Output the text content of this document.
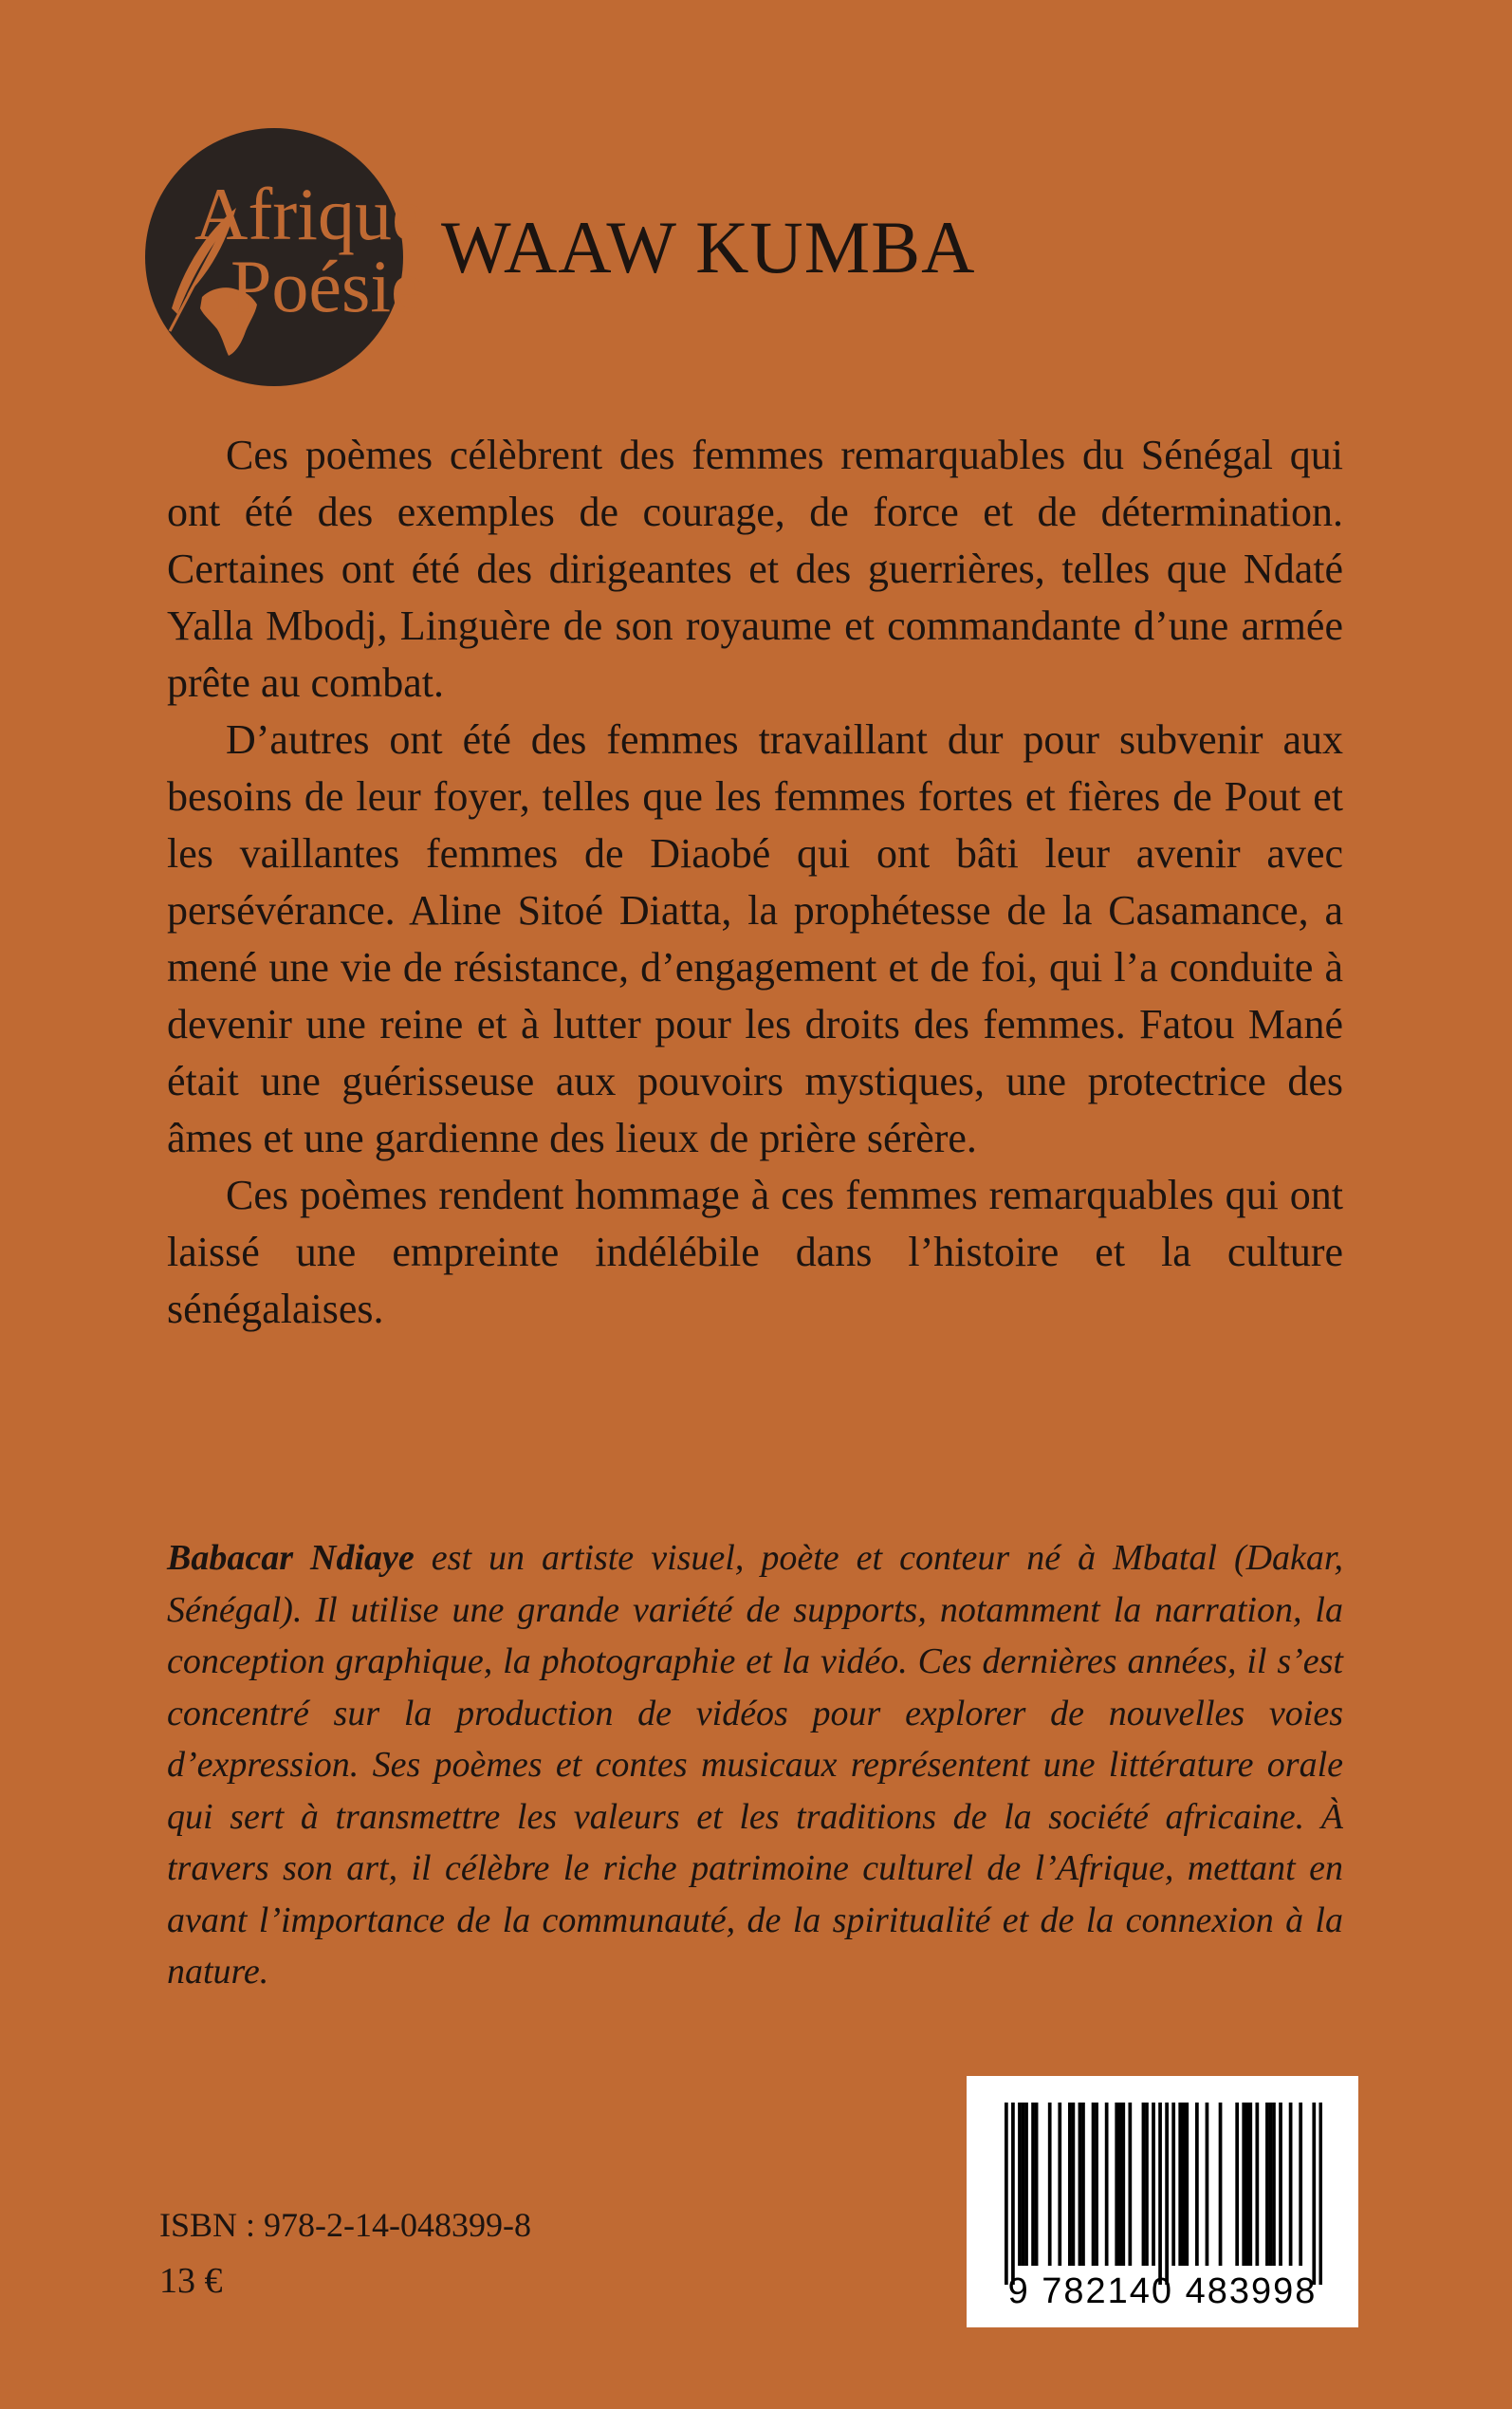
Afrique
Poésie WAAW KUMBA

Ces poèmes célèbrent des femmes remarquables du Sénégal qui ont été des exemples de courage, de force et de détermination. Certaines ont été des dirigeantes et des guerrières, telles que Ndaté Yalla Mbodj, Linguère de son royaume et commandante d’une armée prête au combat.

D’autres ont été des femmes travaillant dur pour subvenir aux besoins de leur foyer, telles que les femmes fortes et fières de Pout et les vaillantes femmes de Diaobé qui ont bâti leur avenir avec persévérance. Aline Sitoé Diatta, la prophétesse de la Casamance, a mené une vie de résistance, d’engagement et de foi, qui l’a conduite à devenir une reine et à lutter pour les droits des femmes. Fatou Mané était une guérisseuse aux pouvoirs mystiques, une protectrice des âmes et une gardienne des lieux de prière sérère.

Ces poèmes rendent hommage à ces femmes remarquables qui ont laissé une empreinte indélébile dans l’histoire et la culture sénégalaises.

Babacar Ndiaye est un artiste visuel, poète et conteur né à Mbatal (Dakar, Sénégal). Il utilise une grande variété de supports, notamment la narration, la conception graphique, la photographie et la vidéo. Ces dernières années, il s’est concentré sur la production de vidéos pour explorer de nouvelles voies d’expression. Ses poèmes et contes musicaux représentent une littérature orale qui sert à transmettre les valeurs et les traditions de la société africaine. À travers son art, il célèbre le riche patrimoine culturel de l’Afrique, mettant en avant l’importance de la communauté, de la spiritualité et de la connexion à la nature.

ISBN : 978-2-14-048399-8
13 €	9 782140 483998
